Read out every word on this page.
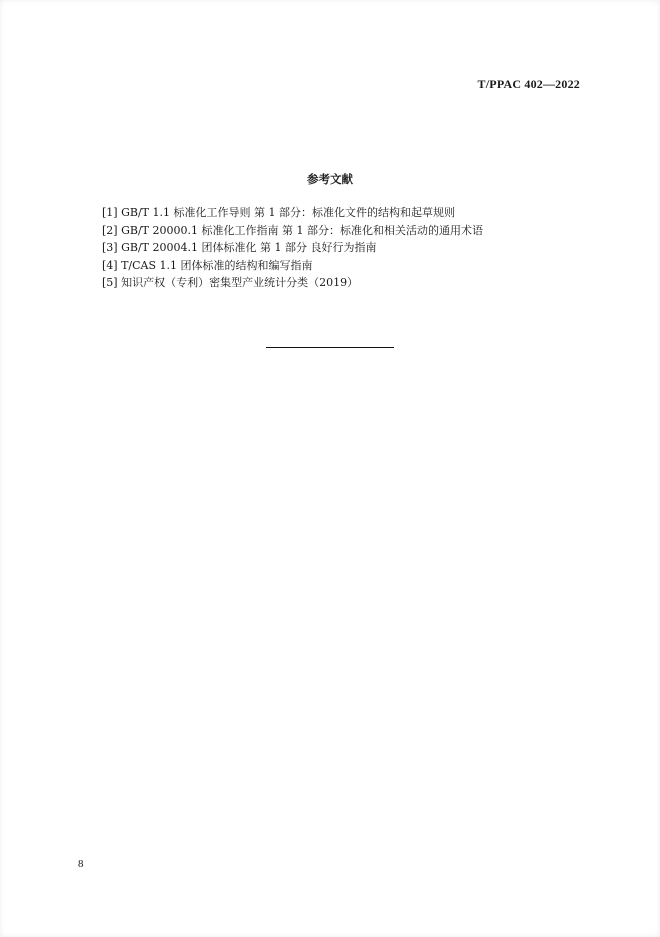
T/PPAC 402—2022
参考文献
[1] GB/T 1.1 标准化工作导则 第 1 部分：标准化文件的结构和起草规则
[2] GB/T 20000.1 标准化工作指南 第 1 部分：标准化和相关活动的通用术语
[3] GB/T 20004.1 团体标准化 第 1 部分 良好行为指南
[4] T/CAS 1.1 团体标准的结构和编写指南
[5] 知识产权（专利）密集型产业统计分类（2019）
8
